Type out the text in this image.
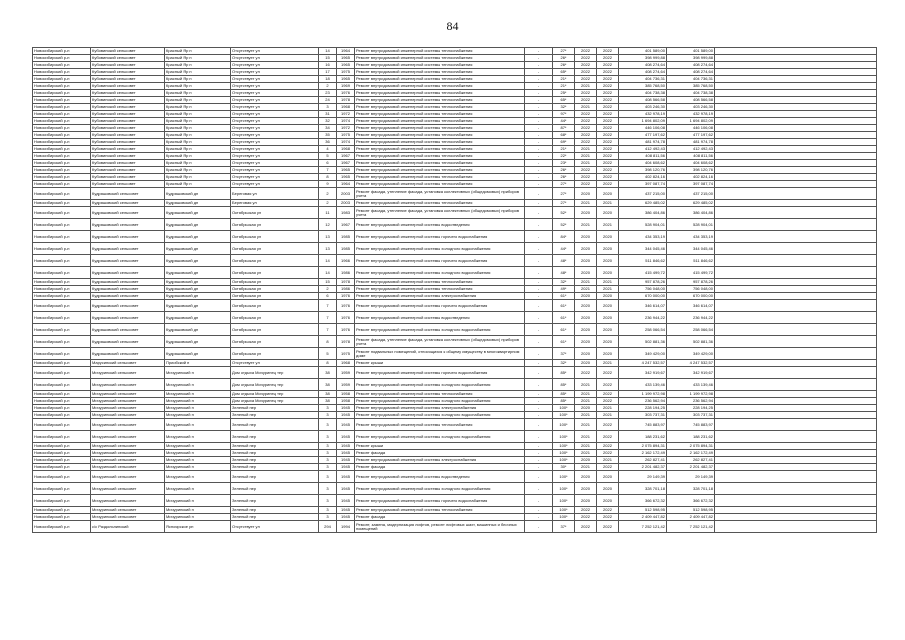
84
Новосибирский р-н	Кубовинский сельсовет	Красный Яр п	Отсутствует ул	14	1964	Ремонт внутридомовой инженерной системы теплоснабжения	-	27*	2022	2022	401 589,00	401 589,00	
Новосибирский р-н	Кубовинский сельсовет	Красный Яр п	Отсутствует ул	15	1965	Ремонт внутридомовой инженерной системы теплоснабжения	-	26*	2022	2022	398 999,88	398 999,88	
Новосибирский р-н	Кубовинский сельсовет	Красный Яр п	Отсутствует ул	16	1965	Ремонт внутридомовой инженерной системы теплоснабжения	-	26*	2022	2022	408 274,64	408 274,64	
Новосибирский р-н	Кубовинский сельсовет	Красный Яр п	Отсутствует ул	17	1975	Ремонт внутридомовой инженерной системы теплоснабжения	-	65*	2022	2022	408 274,64	408 274,64	
Новосибирский р-н	Кубовинский сельсовет	Красный Яр п	Отсутствует ул	18	1965	Ремонт внутридомовой инженерной системы теплоснабжения	-	21*	2022	2022	404 736,31	404 736,31	
Новосибирский р-н	Кубовинский сельсовет	Красный Яр п	Отсутствует ул	2	1969	Ремонт внутридомовой инженерной системы теплоснабжения	-	21*	2021	2022	385 768,50	385 768,50	
Новосибирский р-н	Кубовинский сельсовет	Красный Яр п	Отсутствует ул	23	1976	Ремонт внутридомовой инженерной системы теплоснабжения	-	25*	2022	2022	404 738,38	404 738,38	
Новосибирский р-н	Кубовинский сельсовет	Красный Яр п	Отсутствует ул	24	1978	Ремонт внутридомовой инженерной системы теплоснабжения	-	65*	2022	2022	408 566,58	408 566,58	
Новосибирский р-н	Кубовинский сельсовет	Красный Яр п	Отсутствует ул	3	1968	Ремонт внутридомовой инженерной системы теплоснабжения	-	32*	2021	2022	403 246,30	403 246,30	
Новосибирский р-н	Кубовинский сельсовет	Красный Яр п	Отсутствует ул	31	1972	Ремонт внутридомовой инженерной системы теплоснабжения	-	97*	2022	2022	432 978,19	432 978,19	
Новосибирский р-н	Кубовинский сельсовет	Красный Яр п	Отсутствует ул	32	1974	Ремонт внутридомовой инженерной системы теплоснабжения	-	44*	2022	2022	1 694 802,09	1 694 802,09	
Новосибирский р-н	Кубовинский сельсовет	Красный Яр п	Отсутствует ул	34	1972	Ремонт внутридомовой инженерной системы теплоснабжения	-	87*	2022	2022	446 106,08	446 106,08	
Новосибирский р-н	Кубовинский сельсовет	Красный Яр п	Отсутствует ул	35	1975	Ремонт внутридомовой инженерной системы теплоснабжения	-	68*	2022	2022	477 197,62	477 197,62	
Новосибирский р-н	Кубовинский сельсовет	Красный Яр п	Отсутствует ул	36	1974	Ремонт внутридомовой инженерной системы теплоснабжения	-	69*	2022	2022	481 974,78	481 974,78	
Новосибирский р-н	Кубовинский сельсовет	Красный Яр п	Отсутствует ул	4	1968	Ремонт внутридомовой инженерной системы теплоснабжения	-	21*	2021	2022	412 492,43	412 492,43	
Новосибирский р-н	Кубовинский сельсовет	Красный Яр п	Отсутствует ул	5	1967	Ремонт внутридомовой инженерной системы теплоснабжения	-	22*	2021	2022	408 811,56	408 811,56	
Новосибирский р-н	Кубовинский сельсовет	Красный Яр п	Отсутствует ул	6	1967	Ремонт внутридомовой инженерной системы теплоснабжения	-	23*	2021	2022	404 608,62	404 608,62	
Новосибирский р-н	Кубовинский сельсовет	Красный Яр п	Отсутствует ул	7	1965	Ремонт внутридомовой инженерной системы теплоснабжения	-	26*	2022	2022	398 120,76	398 120,76	
Новосибирский р-н	Кубовинский сельсовет	Красный Яр п	Отсутствует ул	8	1965	Ремонт внутридомовой инженерной системы теплоснабжения	-	26*	2022	2022	402 824,16	402 824,16	
Новосибирский р-н	Кубовинский сельсовет	Красный Яр п	Отсутствует ул	9	1964	Ремонт внутридомовой инженерной системы теплоснабжения	-	27*	2022	2022	397 087,74	397 087,74	
Новосибирский р-н	Кудряшовский сельсовет	Кудряшовский дп	Береговая ул	2	2003	Ремонт фасада, утепление фасада, установка коллективных (общедомовых) приборов учета	-	27*	2020	2020	437 215,00	437 215,00	
Новосибирский р-н	Кудряшовский сельсовет	Кудряшовский дп	Береговая ул	2	2003	Ремонт внутридомовой инженерной системы теплоснабжения	-	27*	2021	2021	629 485,02	629 485,02	
Новосибирский р-н	Кудряшовский сельсовет	Кудряшовский дп	Октябрьская ул	11	1983	Ремонт фасада, утепление фасада, установка коллективных (общедомовых) приборов учета	-	52*	2020	2020	386 404,86	386 404,86	
Новосибирский р-н	Кудряшовский сельсовет	Кудряшовский дп	Октябрьская ул	12	1967	Ремонт внутридомовой инженерной системы водоотведения	-	52*	2021	2021	528 904,01	528 904,01	
Новосибирский р-н	Кудряшовский сельсовет	Кудряшовский дп	Октябрьская ул	13	1985	Ремонт внутридомовой инженерной системы горячего водоснабжения	-	84*	2020	2020	434 353,19	434 353,19	
Новосибирский р-н	Кудряшовский сельсовет	Кудряшовский дп	Октябрьская ул	13	1985	Ремонт внутридомовой инженерной системы холодного водоснабжения	-	44*	2020	2020	344 045,46	344 045,46	
Новосибирский р-н	Кудряшовский сельсовет	Кудряшовский дп	Октябрьская ул	14	1966	Ремонт внутридомовой инженерной системы горячего водоснабжения	-	48*	2020	2020	511 846,62	511 846,62	
Новосибирский р-н	Кудряшовский сельсовет	Кудряшовский дп	Октябрьская ул	14	1986	Ремонт внутридомовой инженерной системы холодного водоснабжения	-	48*	2020	2020	415 499,72	415 499,72	
Новосибирский р-н	Кудряшовский сельсовет	Кудряшовский дп	Октябрьская ул	15	1978	Ремонт внутридомовой инженерной системы теплоснабжения	-	32*	2021	2021	957 878,26	957 878,26	
Новосибирский р-н	Кудряшовский сельсовет	Кудряшовский дп	Октябрьская ул	2	1986	Ремонт внутридомовой инженерной системы теплоснабжения	-	49*	2021	2021	756 048,00	756 048,00	
Новосибирский р-н	Кудряшовский сельсовет	Кудряшовский дп	Октябрьская ул	6	1976	Ремонт внутридомовой инженерной системы электроснабжения	-	61*	2020	2020	670 000,00	670 000,00	
Новосибирский р-н	Кудряшовский сельсовет	Кудряшовский дп	Октябрьская ул	7	1976	Ремонт внутридомовой инженерной системы горячего водоснабжения	-	61*	2020	2020	346 614,07	346 614,07	
Новосибирский р-н	Кудряшовский сельсовет	Кудряшовский дп	Октябрьская ул	7	1976	Ремонт внутридомовой инженерной системы водоотведения	-	61*	2020	2020	236 944,22	236 944,22	
Новосибирский р-н	Кудряшовский сельсовет	Кудряшовский дп	Октябрьская ул	7	1976	Ремонт внутридомовой инженерной системы холодного водоснабжения	-	61*	2020	2020	258 066,54	258 066,54	
Новосибирский р-н	Кудряшовский сельсовет	Кудряшовский дп	Октябрьская ул	8	1978	Ремонт фасада, утепление фасада, установка коллективных (общедомовых) приборов учета	-	61*	2020	2020	502 881,36	502 881,36	
Новосибирский р-н	Кудряшовский сельсовет	Кудряшовский дп	Октябрьская ул	5	1975	Ремонт подвальных помещений, относящихся к общему имуществу в многоквартирном доме	-	37*	2020	2020	349 429,00	349 429,00	
Новосибирский р-н	Марусинский сельсовет	Приобский п	Отсутствует ул	8	1968	Ремонт крыши	-	32*	2020	2021	4 247 532,57	4 247 532,57	
Новосибирский р-н	Мичуринский сельсовет	Мичуринский п	Дом отдыха Мичуринец тер	38	1959	Ремонт внутридомовой инженерной системы горячего водоснабжения	-	85*	2022	2022	342 919,67	342 919,67	
Новосибирский р-н	Мичуринский сельсовет	Мичуринский п	Дом отдыха Мичуринец тер	38	1959	Ремонт внутридомовой инженерной системы холодного водоснабжения	-	85*	2021	2022	433 139,46	433 139,46	
Новосибирский р-н	Мичуринский сельсовет	Мичуринский п	Дом отдыха Мичуринец тер	38	1958	Ремонт внутридомовой инженерной системы теплоснабжения	-	85*	2021	2022	1 199 972,98	1 199 972,98	
Новосибирский р-н	Мичуринский сельсовет	Мичуринский п	Дом отдыха Мичуринец тер	38	1958	Ремонт внутридомовой инженерной системы холодного водоснабжения	-	85*	2021	2022	236 562,94	236 562,94	
Новосибирский р-н	Мичуринский сельсовет	Мичуринский п	Зеленый пер	3	1945	Ремонт внутридомовой инженерной системы электроснабжения	-	100*	2020	2021	228 194,25	228 194,25	
Новосибирский р-н	Мичуринский сельсовет	Мичуринский п	Зеленый пер	3	1945	Ремонт внутридомовой инженерной системы холодного водоснабжения	-	100*	2021	2021	303 737,31	303 737,31	
Новосибирский р-н	Мичуринский сельсовет	Мичуринский п	Зеленый пер	3	1945	Ремонт внутридомовой инженерной системы теплоснабжения	-	100*	2021	2022	745 883,97	745 883,97	
Новосибирский р-н	Мичуринский сельсовет	Мичуринский п	Зеленый пер	3	1945	Ремонт внутридомовой инженерной системы холодного водоснабжения	-	100*	2021	2022	188 231,62	188 231,62	
Новосибирский р-н	Мичуринский сельсовет	Мичуринский п	Зеленый пер	3	1945	Ремонт крыши	-	100*	2021	2022	2 075 894,31	2 075 894,31	
Новосибирский р-н	Мичуринский сельсовет	Мичуринский п	Зеленый пер	3	1945	Ремонт фасада	-	100*	2021	2022	2 162 172,49	2 162 172,49	
Новосибирский р-н	Мичуринский сельсовет	Мичуринский п	Зеленый пер	3	1945	Ремонт внутридомовой инженерной системы электроснабжения	-	100*	2020	2021	262 827,41	262 827,41	
Новосибирский р-н	Мичуринский сельсовет	Мичуринский п	Зеленый пер	3	1945	Ремонт фасада	-	30*	2021	2022	2 201 482,37	2 201 482,37	
Новосибирский р-н	Мичуринский сельсовет	Мичуринский п	Зеленый пер	3	1945	Ремонт внутридомовой инженерной системы водоотведения	-	100*	2020	2020	29 149,39	29 149,39	
Новосибирский р-н	Мичуринский сельсовет	Мичуринский п	Зеленый пер	3	1945	Ремонт внутридомовой инженерной системы холодного водоснабжения	-	100*	2020	2020	328 701,18	328 701,18	
Новосибирский р-н	Мичуринский сельсовет	Мичуринский п	Зеленый пер	3	1945	Ремонт внутридомовой инженерной системы горячего водоснабжения	-	100*	2020	2020	366 672,32	366 672,32	
Новосибирский р-н	Мичуринский сельсовет	Мичуринский п	Зеленый пер	3	1945	Ремонт внутридомовой инженерной системы теплоснабжения	-	100*	2022	2022	512 598,95	512 598,95	
Новосибирский р-н	Мичуринский сельсовет	Мичуринский п	Зеленый пер	3	1945	Ремонт фасада	-	100*	2022	2022	2 409 447,82	2 409 447,82	
Новосибирский р-н	с/с Раздольнинский	Ясноярское рп	Отсутствует ул	294	1994	Ремонт, замена, модернизация лифтов, ремонт лифтовых шахт, машинных и блочных помещений	-	37*	2022	2022	7 252 121,42	7 252 121,42	
